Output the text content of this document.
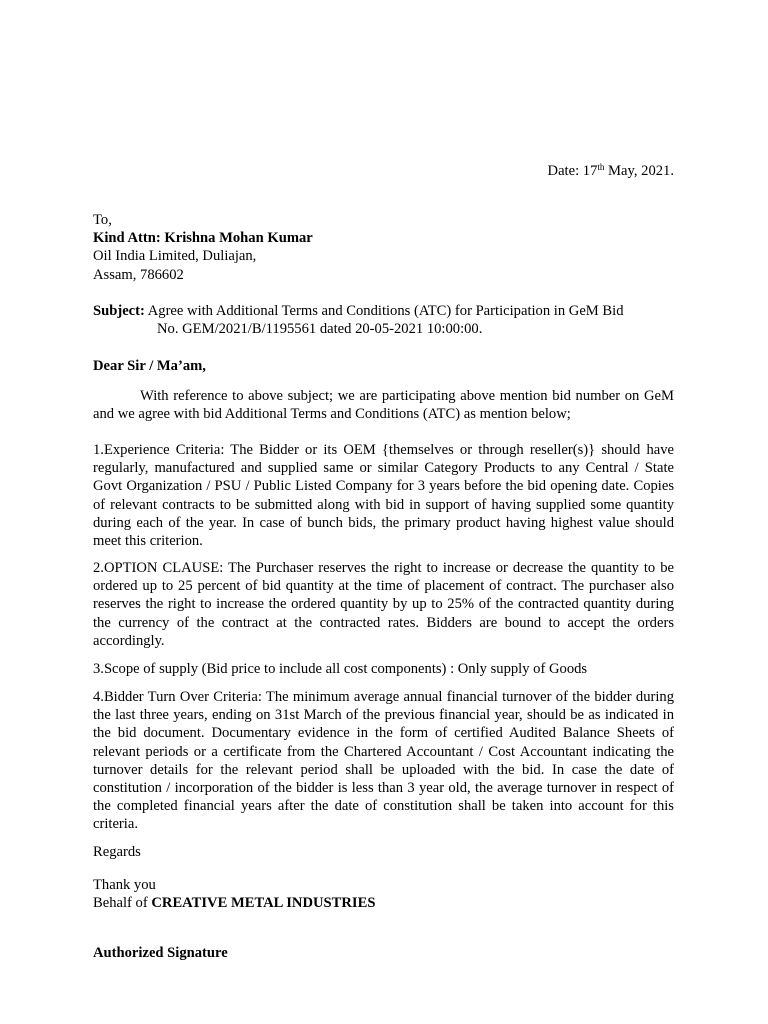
Date: 17th May, 2021.
To,
Kind Attn: Krishna Mohan Kumar
Oil India Limited, Duliajan,
Assam, 786602
Subject: Agree with Additional Terms and Conditions (ATC) for Participation in GeM Bid
No. GEM/2021/B/1195561 dated 20-05-2021 10:00:00.
Dear Sir / Ma’am,
With reference to above subject; we are participating above mention bid number on GeM and we agree with bid Additional Terms and Conditions (ATC) as mention below;
1.Experience Criteria: The Bidder or its OEM {themselves or through reseller(s)} should have regularly, manufactured and supplied same or similar Category Products to any Central / State Govt Organization / PSU / Public Listed Company for 3 years before the bid opening date. Copies of relevant contracts to be submitted along with bid in support of having supplied some quantity during each of the year. In case of bunch bids, the primary product having highest value should meet this criterion.
2.OPTION CLAUSE: The Purchaser reserves the right to increase or decrease the quantity to be ordered up to 25 percent of bid quantity at the time of placement of contract. The purchaser also reserves the right to increase the ordered quantity by up to 25% of the contracted quantity during the currency of the contract at the contracted rates. Bidders are bound to accept the orders accordingly.
3.Scope of supply (Bid price to include all cost components) : Only supply of Goods
4.Bidder Turn Over Criteria: The minimum average annual financial turnover of the bidder during the last three years, ending on 31st March of the previous financial year, should be as indicated in the bid document. Documentary evidence in the form of certified Audited Balance Sheets of relevant periods or a certificate from the Chartered Accountant / Cost Accountant indicating the turnover details for the relevant period shall be uploaded with the bid. In case the date of constitution / incorporation of the bidder is less than 3 year old, the average turnover in respect of the completed financial years after the date of constitution shall be taken into account for this criteria.
Regards
Thank you
Behalf of CREATIVE METAL INDUSTRIES
Authorized Signature
